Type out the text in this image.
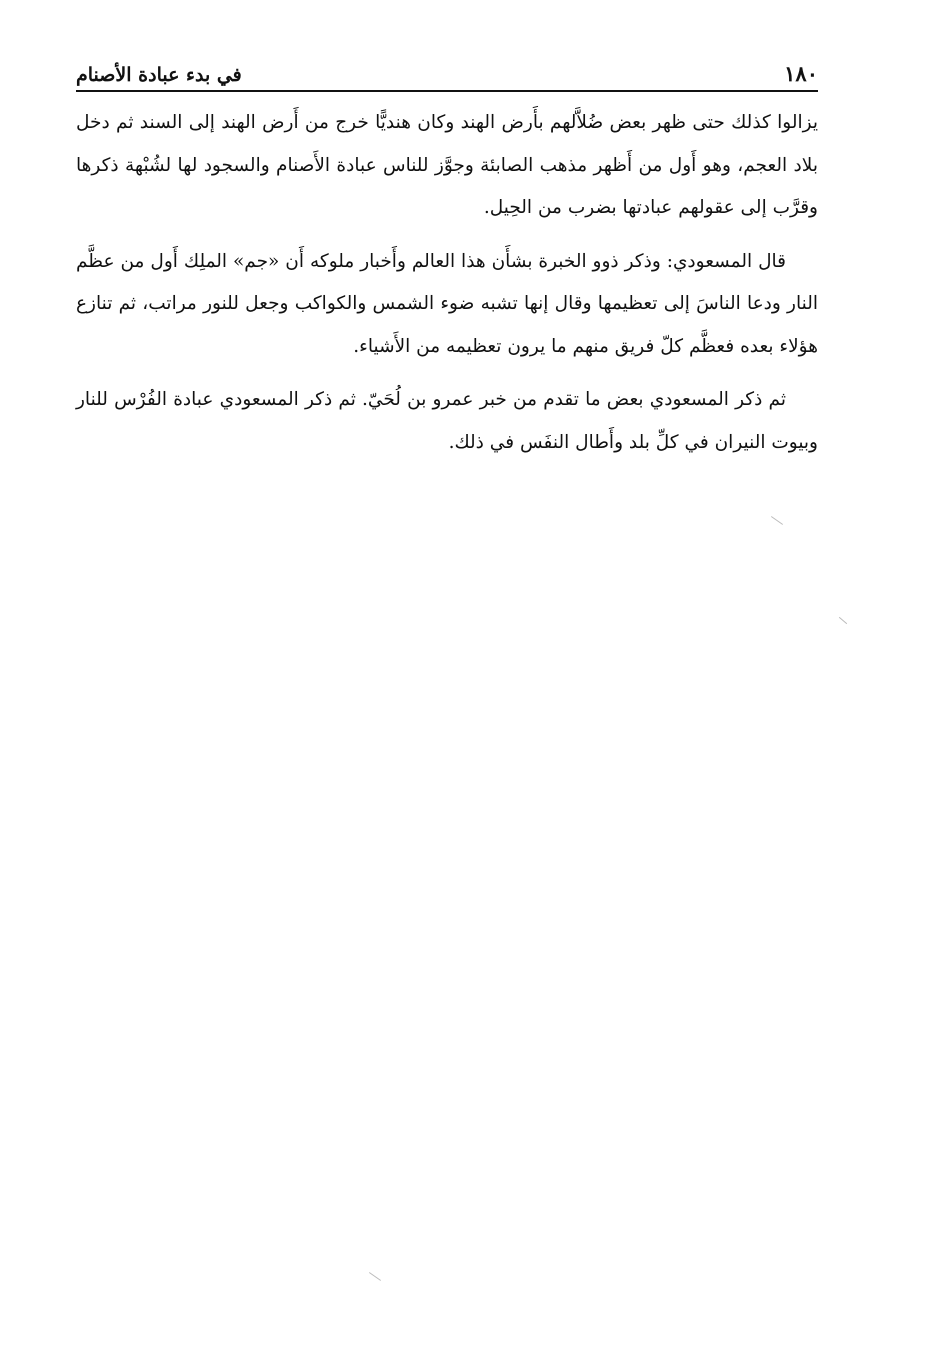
١٨٠
في بدء عبادة الأصنام

يزالوا كذلك حتى ظهر بعض ضُلاَّلهم بأَرض الهند وكان هنديًّا خرج من أَرض الهند إلى السند ثم دخل بلاد العجم، وهو أَول من أَظهر مذهب الصابئة وجوَّز للناس عبادة الأَصنام والسجود لها لشُبْهة ذكرها وقرَّب إلى عقولهم عبادتها بضرب من الحِيل.

قال المسعودي: وذكر ذوو الخبرة بشأَن هذا العالم وأَخبار ملوكه أَن «جم» الملِك أَول من عظَّم النار ودعا الناسَ إلى تعظيمها وقال إنها تشبه ضوء الشمس والكواكب وجعل للنور مراتب، ثم تنازع هؤلاء بعده فعظَّم كلّ فريق منهم ما يرون تعظيمه من الأَشياء.

ثم ذكر المسعودي بعض ما تقدم من خبر عمرو بن لُحَيّ. ثم ذكر المسعودي عبادة الفُرْس للنار وبيوت النيران في كلِّ بلد وأَطال النفَس في ذلك.
